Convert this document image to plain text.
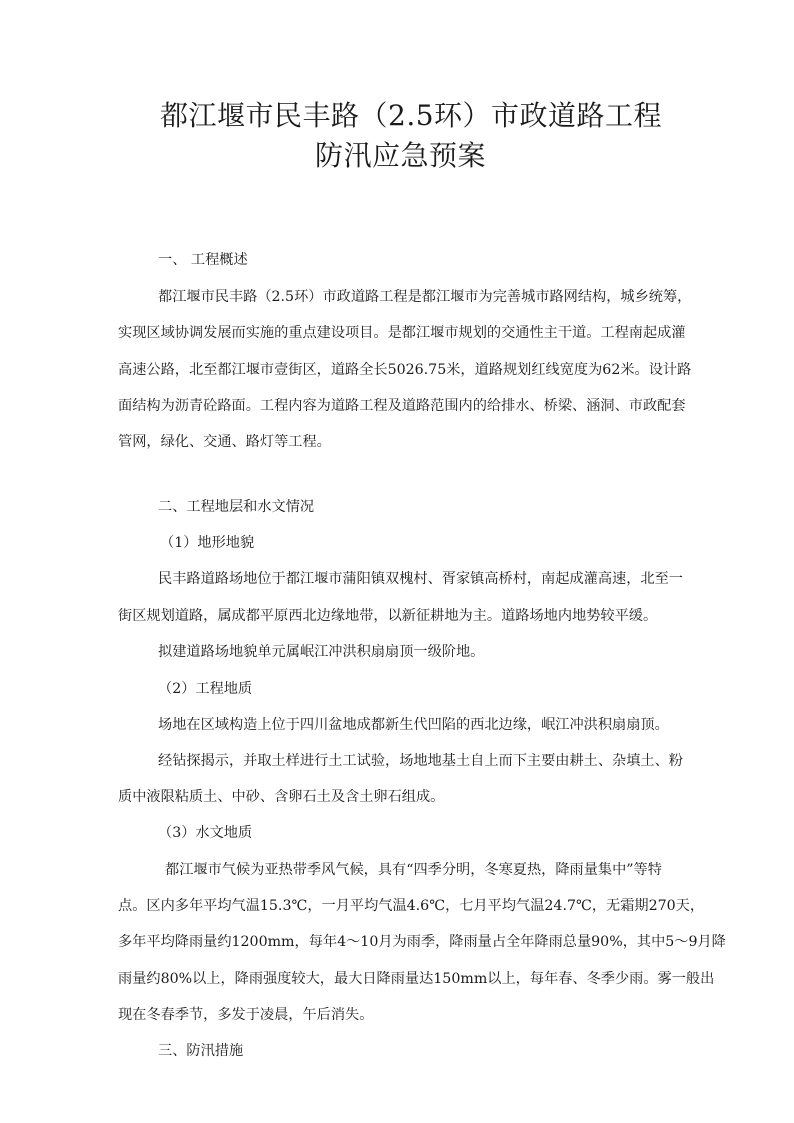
都江堰市民丰路（2.5环）市政道路工程
防汛应急预案
一、 工程概述
都江堰市民丰路（2.5环）市政道路工程是都江堰市为完善城市路网结构，城乡统筹，
实现区域协调发展而实施的重点建设项目。是都江堰市规划的交通性主干道。工程南起成灌
高速公路，北至都江堰市壹街区，道路全长5026.75米，道路规划红线宽度为62米。设计路
面结构为沥青砼路面。工程内容为道路工程及道路范围内的给排水、桥梁、涵洞、市政配套
管网，绿化、交通、路灯等工程。
二、工程地层和水文情况
（1）地形地貌
民丰路道路场地位于都江堰市蒲阳镇双槐村、胥家镇高桥村，南起成灌高速，北至一
街区规划道路，属成都平原西北边缘地带，以新征耕地为主。道路场地内地势较平缓。
拟建道路场地貌单元属岷江冲洪积扇扇顶一级阶地。
（2）工程地质
场地在区域构造上位于四川盆地成都新生代凹陷的西北边缘，岷江冲洪积扇扇顶。
经钻探揭示，并取土样进行土工试验，场地地基土自上而下主要由耕土、杂填土、粉
质中液限粘质土、中砂、含卵石土及含土卵石组成。
（3）水文地质
都江堰市气候为亚热带季风气候，具有“四季分明，冬寒夏热，降雨量集中”等特
点。区内多年平均气温15.3℃，一月平均气温4.6℃，七月平均气温24.7℃，无霜期270天，
多年平均降雨量约1200mm，每年4～10月为雨季，降雨量占全年降雨总量90%，其中5～9月降
雨量约80%以上，降雨强度较大，最大日降雨量达150mm以上，每年春、冬季少雨。雾一般出
现在冬春季节，多发于凌晨，午后消失。
三、防汛措施
